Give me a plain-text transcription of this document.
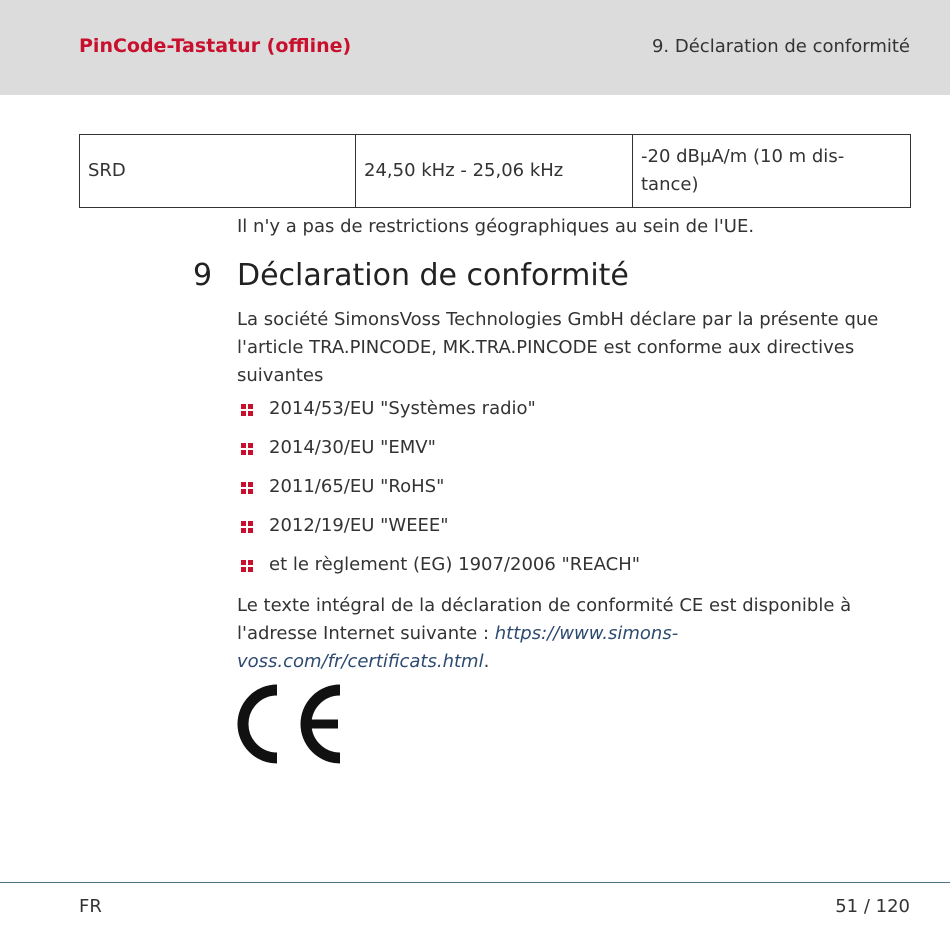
PinCode-Tastatur (offline)	9. Déclaration de conformité
SRD	24,50 kHz - 25,06 kHz	-20 dBµA/m (10 m dis-
tance)
Il n'y a pas de restrictions géographiques au sein de l'UE.
9 Déclaration de conformité
La société SimonsVoss Technologies GmbH déclare par la présente que l'article TRA.PINCODE, MK.TRA.PINCODE est conforme aux directives suivantes
2014/53/EU "Systèmes radio"
2014/30/EU "EMV"
2011/65/EU "RoHS"
2012/19/EU "WEEE"
et le règlement (EG) 1907/2006 "REACH"
Le texte intégral de la déclaration de conformité CE est disponible à l'adresse Internet suivante : https://www.simons-voss.com/fr/certificats.html.
FR	51 / 120
